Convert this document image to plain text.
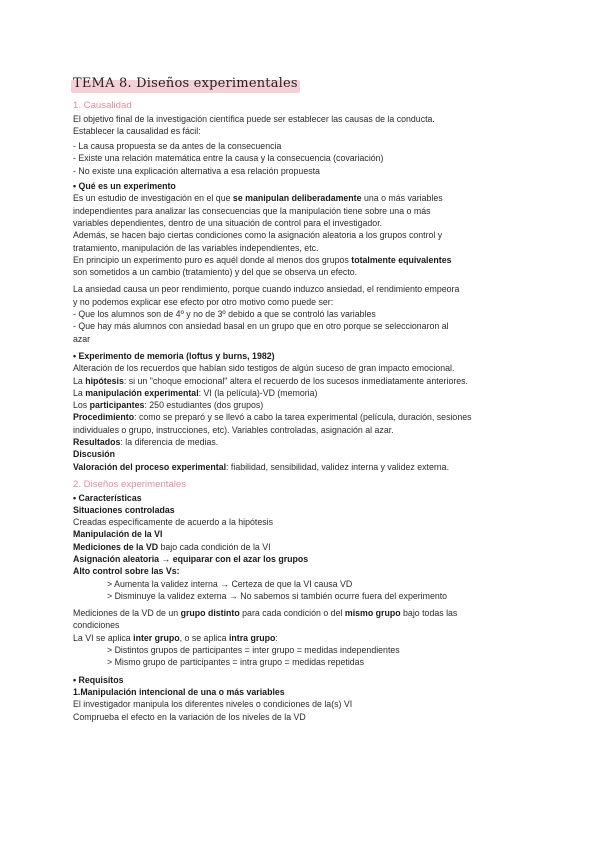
TEMA 8. Diseños experimentales
1. Causalidad
El objetivo final de la investigación científica puede ser establecer las causas de la conducta.
Establecer la causalidad es fácil:
- La causa propuesta se da antes de la consecuencia
- Existe una relación matemática entre la causa y la consecuencia (covariación)
- No existe una explicación alternativa a esa relación propuesta
• Qué es un experimento
Es un estudio de investigación en el que se manipulan deliberadamente una o más variables
independientes para analizar las consecuencias que la manipulación tiene sobre una o más
variables dependientes, dentro de una situación de control para el investigador.
Además, se hacen bajo ciertas condiciones como la asignación aleatoria a los grupos control y
tratamiento, manipulación de las variables independientes, etc.
En principio un experimento puro es aquél donde al menos dos grupos totalmente equivalentes
son sometidos a un cambio (tratamiento) y del que se observa un efecto.
La ansiedad causa un peor rendimiento, porque cuando induzco ansiedad, el rendimiento empeora
y no podemos explicar ese efecto por otro motivo como puede ser:
- Que los alumnos son de 4º y no de 3º debido a que se controló las variables
- Que hay más alumnos con ansiedad basal en un grupo que en otro porque se seleccionaron al
azar
• Experimento de memoria (loftus y burns, 1982)
Alteración de los recuerdos que habían sido testigos de algún suceso de gran impacto emocional.
La hipótesis: si un "choque emocional" altera el recuerdo de los sucesos inmediatamente anteriores.
La manipulación experimental: VI (la película)-VD (memoria)
Los participantes: 250 estudiantes (dos grupos)
Procedimiento: como se preparó y se llevó a cabo la tarea experimental (película, duración, sesiones
individuales o grupo, instrucciones, etc). Variables controladas, asignación al azar.
Resultados: la diferencia de medias.
Discusión
Valoración del proceso experimental: fiabilidad, sensibilidad, validez interna y validez externa.
2. Diseños experimentales
• Características
Situaciones controladas
Creadas específicamente de acuerdo a la hipótesis
Manipulación de la VI
Mediciones de la VD bajo cada condición de la VI
Asignación aleatoria → equiparar con el azar los grupos
Alto control sobre las Vs:
> Aumenta la validez interna → Certeza de que la VI causa VD
> Disminuye la validez externa → No sabemos si también ocurre fuera del experimento
Mediciones de la VD de un grupo distinto para cada condición o del mismo grupo bajo todas las
condiciones
La VI se aplica inter grupo, o se aplica intra grupo:
> Distintos grupos de participantes = inter grupo = medidas independientes
> Mismo grupo de participantes = intra grupo = medidas repetidas
• Requisitos
1.Manipulación intencional de una o más variables
El investigador manipula los diferentes niveles o condiciones de la(s) VI
Comprueba el efecto en la variación de los niveles de la VD
